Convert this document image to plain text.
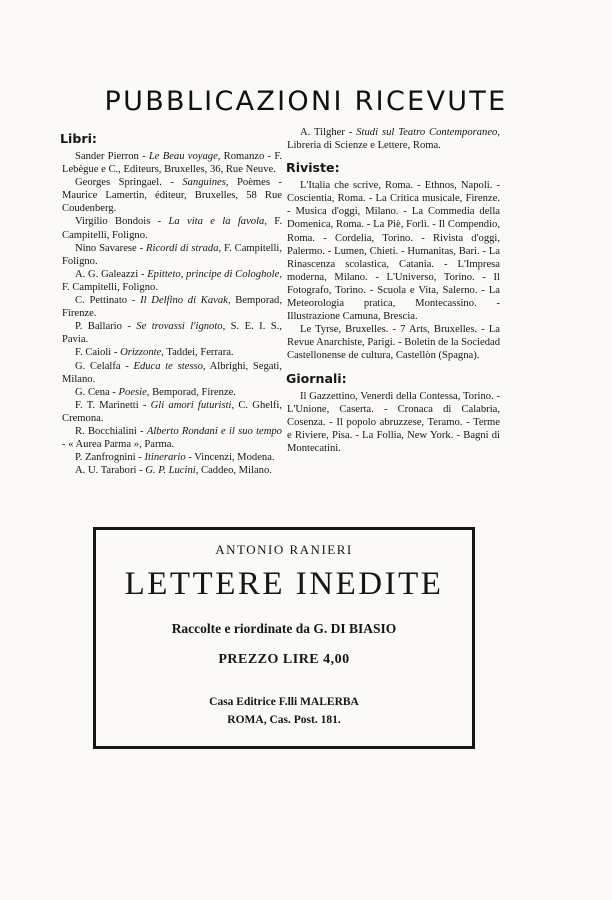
PUBBLICAZIONI RICEVUTE
Libri:

Sander Pierron - Le Beau voyage, Romanzo - F. Lebègue e C., Editeurs, Bruxelles, 36, Rue Neuve.

Georges Springael. - Sanguines, Poèmes - Maurice Lamertin, éditeur, Bruxelles, 58 Rue Coudenberg.

Virgilio Bondois - La vita e la favola, F. Campitelli, Foligno.

Nino Savarese - Ricordi di strada, F. Campitelli, Foligno.

A. G. Galeazzi - Epitteto, principe di Cologhole, F. Campitelli, Foligno.

C. Pettinato - Il Delfino di Kavak, Bemporad, Firenze.

P. Ballario - Se trovassi l'ignoto, S. E. I. S., Pavia.

F. Caioli - Orizzonte, Taddei, Ferrara.

G. Celalfa - Educa te stesso, Albrighi, Segati, Milano.

G. Cena - Poesie, Bemporad, Firenze.

F. T. Marinetti - Gli amori futuristi, C. Ghelfi, Cremona.

R. Bocchialini - Alberto Rondani e il suo tempo - « Aurea Parma », Parma.

P. Zanfrognini - Itinerario - Vincenzi, Modena.

A. U. Tarabori - G. P. Lucini, Caddeo, Milano.

A. Tilgher - Studi sul Teatro Contemporaneo, Libreria di Scienze e Lettere, Roma.

Riviste:

L'Italia che scrive, Roma. - Ethnos, Napoli. - Coscientia, Roma. - La Critica musicale, Firenze. - Musica d'oggi, Milano. - La Commedia della Domenica, Roma. - La Piè, Forlì. - Il Compendio, Roma. - Cordelia, Torino. - Rivista d'oggi, Palermo. - Lumen, Chieti. - Humanitas, Bari. - La Rinascenza scolastica, Catania. - L'Impresa moderna, Milano. - L'Universo, Torino. - Il Fotografo, Torino. - Scuola e Vita, Salerno. - La Meteorologia pratica, Montecassino. - Illustrazione Camuna, Brescia.

Le Tyrse, Bruxelles. - 7 Arts, Bruxelles. - La Revue Anarchiste, Parigi. - Boletin de la Sociedad Castellonense de cultura, Castellòn (Spagna).

Giornali:

Il Gazzettino, Venerdì della Contessa, Torino. - L'Unione, Caserta. - Cronaca di Calabria, Cosenza. - Il popolo abruzzese, Teramo. - Terme e Riviere, Pisa. - La Follia, New York. - Bagni di Montecatini.

ANTONIO RANIERI
LETTERE INEDITE
Raccolte e riordinate da G. DI BIASIO
PREZZO LIRE 4,00
Casa Editrice F.lli MALERBA
ROMA, Cas. Post. 181.
